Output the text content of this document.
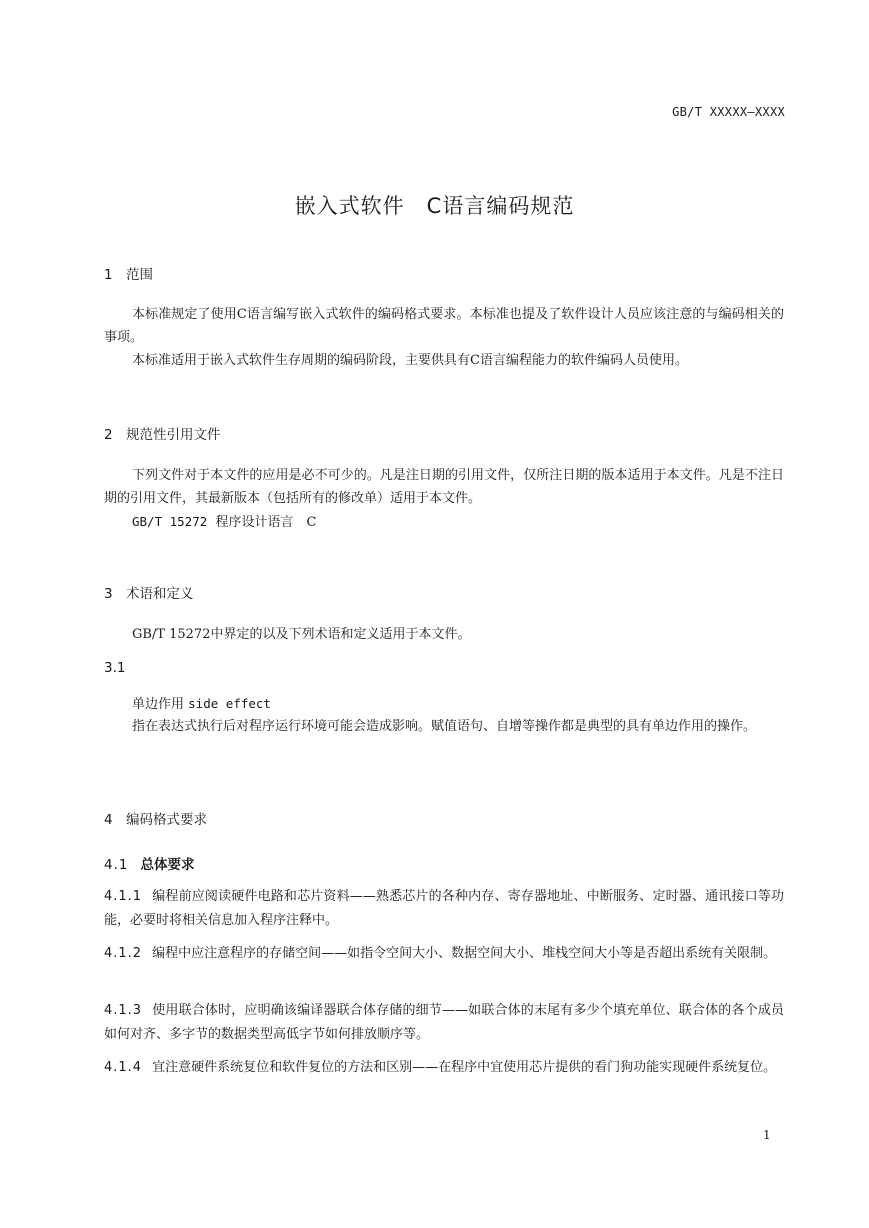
GB/T XXXXX—XXXX
嵌入式软件　C语言编码规范
1 范围
本标准规定了使用C语言编写嵌入式软件的编码格式要求。本标准也提及了软件设计人员应该注意的与编码相关的事项。
本标准适用于嵌入式软件生存周期的编码阶段，主要供具有C语言编程能力的软件编码人员使用。
2 规范性引用文件
下列文件对于本文件的应用是必不可少的。凡是注日期的引用文件，仅所注日期的版本适用于本文件。凡是不注日期的引用文件，其最新版本（包括所有的修改单）适用于本文件。
GB/T 15272 程序设计语言　C
3 术语和定义
GB/T 15272中界定的以及下列术语和定义适用于本文件。
3.1
单边作用 side effect
指在表达式执行后对程序运行环境可能会造成影响。赋值语句、自增等操作都是典型的具有单边作用的操作。
4 编码格式要求
4.1 总体要求
4.1.1 编程前应阅读硬件电路和芯片资料——熟悉芯片的各种内存、寄存器地址、中断服务、定时器、通讯接口等功能，必要时将相关信息加入程序注释中。
4.1.2 编程中应注意程序的存储空间——如指令空间大小、数据空间大小、堆栈空间大小等是否超出系统有关限制。
4.1.3 使用联合体时，应明确该编译器联合体存储的细节——如联合体的末尾有多少个填充单位、联合体的各个成员如何对齐、多字节的数据类型高低字节如何排放顺序等。
4.1.4 宜注意硬件系统复位和软件复位的方法和区别——在程序中宜使用芯片提供的看门狗功能实现硬件系统复位。
1
